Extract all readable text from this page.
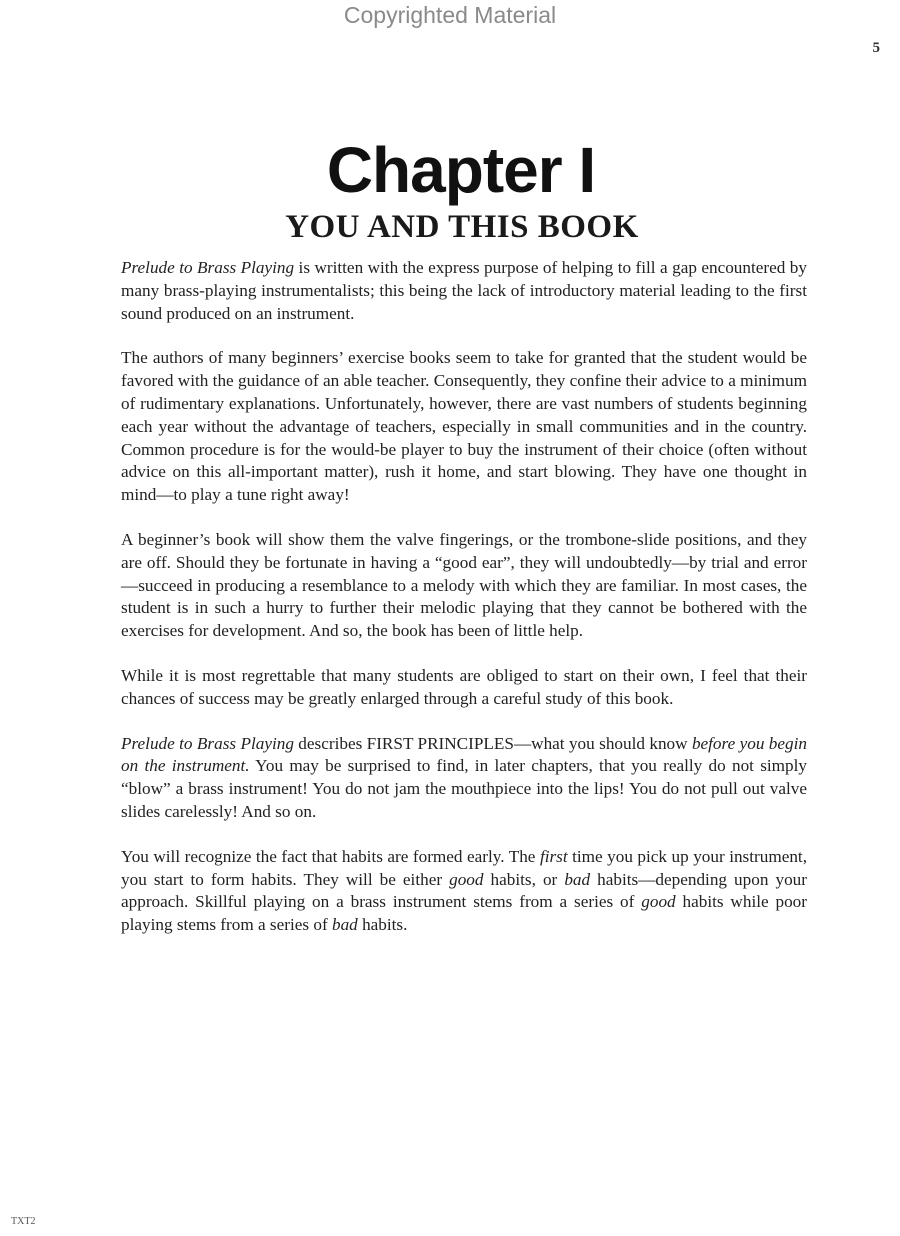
Copyrighted Material
5
Chapter I
YOU AND THIS BOOK

Prelude to Brass Playing is written with the express purpose of helping to fill a gap encountered by many brass-playing instrumentalists; this being the lack of introductory material leading to the first sound produced on an instrument.

The authors of many beginners’ exercise books seem to take for granted that the student would be favored with the guidance of an able teacher. Consequently, they confine their advice to a minimum of rudimentary explanations. Unfortunately, however, there are vast numbers of students beginning each year without the advantage of teachers, especially in small communities and in the country. Common procedure is for the would-be player to buy the instrument of their choice (often without advice on this all-important matter), rush it home, and start blowing. They have one thought in mind—to play a tune right away!

A beginner’s book will show them the valve fingerings, or the trombone-slide positions, and they are off. Should they be fortunate in having a “good ear”, they will undoubtedly—by trial and error—succeed in producing a resemblance to a melody with which they are familiar. In most cases, the student is in such a hurry to further their melodic playing that they cannot be bothered with the exercises for development. And so, the book has been of little help.

While it is most regrettable that many students are obliged to start on their own, I feel that their chances of success may be greatly enlarged through a careful study of this book.

Prelude to Brass Playing describes FIRST PRINCIPLES—what you should know before you begin on the instrument. You may be surprised to find, in later chapters, that you really do not simply “blow” a brass instrument! You do not jam the mouthpiece into the lips! You do not pull out valve slides carelessly! And so on.

You will recognize the fact that habits are formed early. The first time you pick up your instrument, you start to form habits. They will be either good habits, or bad habits—depending upon your approach. Skillful playing on a brass instrument stems from a series of good habits while poor playing stems from a series of bad habits.

TXT2
